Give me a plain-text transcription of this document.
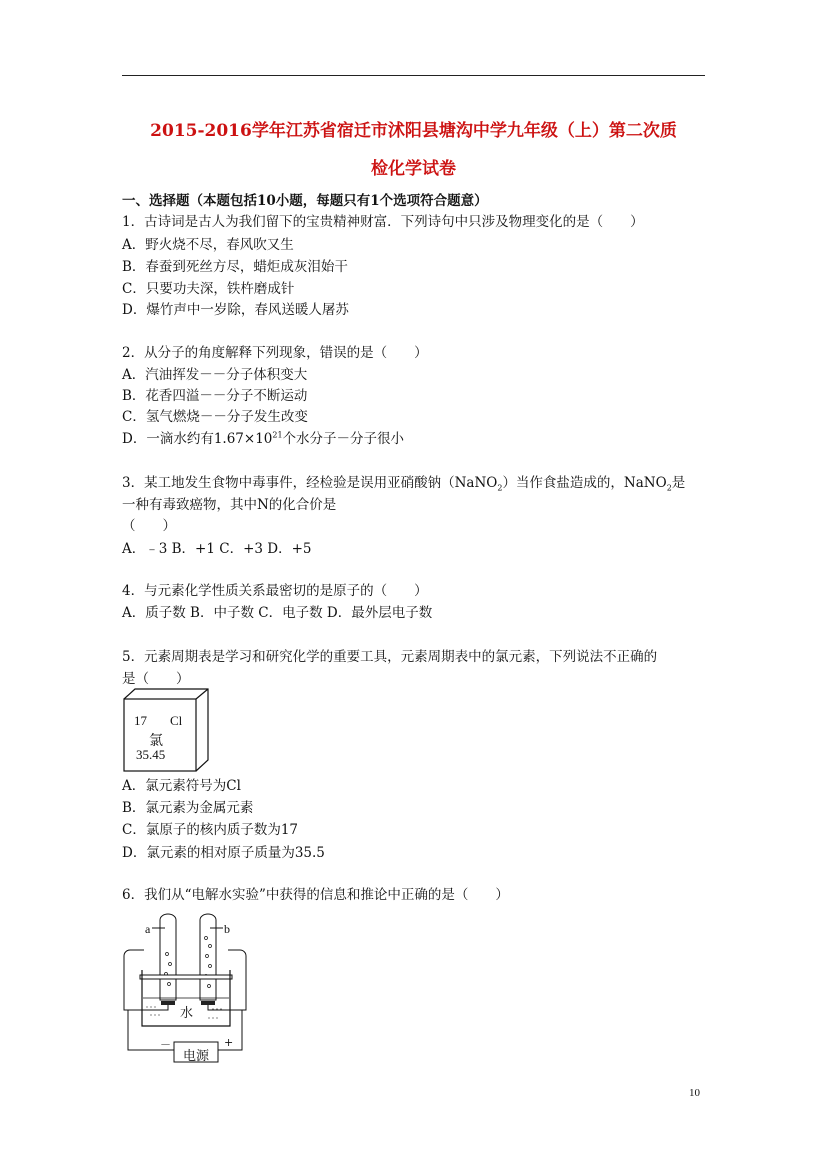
2015-2016学年江苏省宿迁市沭阳县塘沟中学九年级（上）第二次质
检化学试卷
一、选择题（本题包括10小题，每题只有1个选项符合题意）
1．古诗词是古人为我们留下的宝贵精神财富．下列诗句中只涉及物理变化的是（　　）
A．野火烧不尽，春风吹又生
B．春蚕到死丝方尽，蜡炬成灰泪始干
C．只要功夫深，铁杵磨成针
D．爆竹声中一岁除，春风送暖人屠苏
2．从分子的角度解释下列现象，错误的是（　　）
A．汽油挥发－－分子体积变大
B．花香四溢－－分子不断运动
C．氢气燃烧－－分子发生改变
D．一滴水约有$1.67\times 10^{21}$个水分子－分子很小
3．某工地发生食物中毒事件，经检验是误用亚硝酸钠（NaNO$_2$）当作食盐造成的，NaNO$_2$是
一种有毒致癌物，其中N的化合价是
（　　）
A．﹣3 B．+1 C．+3 D．+5
4．与元素化学性质关系最密切的是原子的（　　）
A．质子数 B．中子数 C．电子数 D．最外层电子数
5．元素周期表是学习和研究化学的重要工具，元素周期表中的氯元素，下列说法不正确的
是（　　）
17 Cl
氯
35.45
A．氯元素符号为Cl
B．氯元素为金属元素
C．氯原子的核内质子数为17
D．氯元素的相对原子质量为35.5
6．我们从“电解水实验”中获得的信息和推论中正确的是（　　）
a	b
水
电源
－	+
10
